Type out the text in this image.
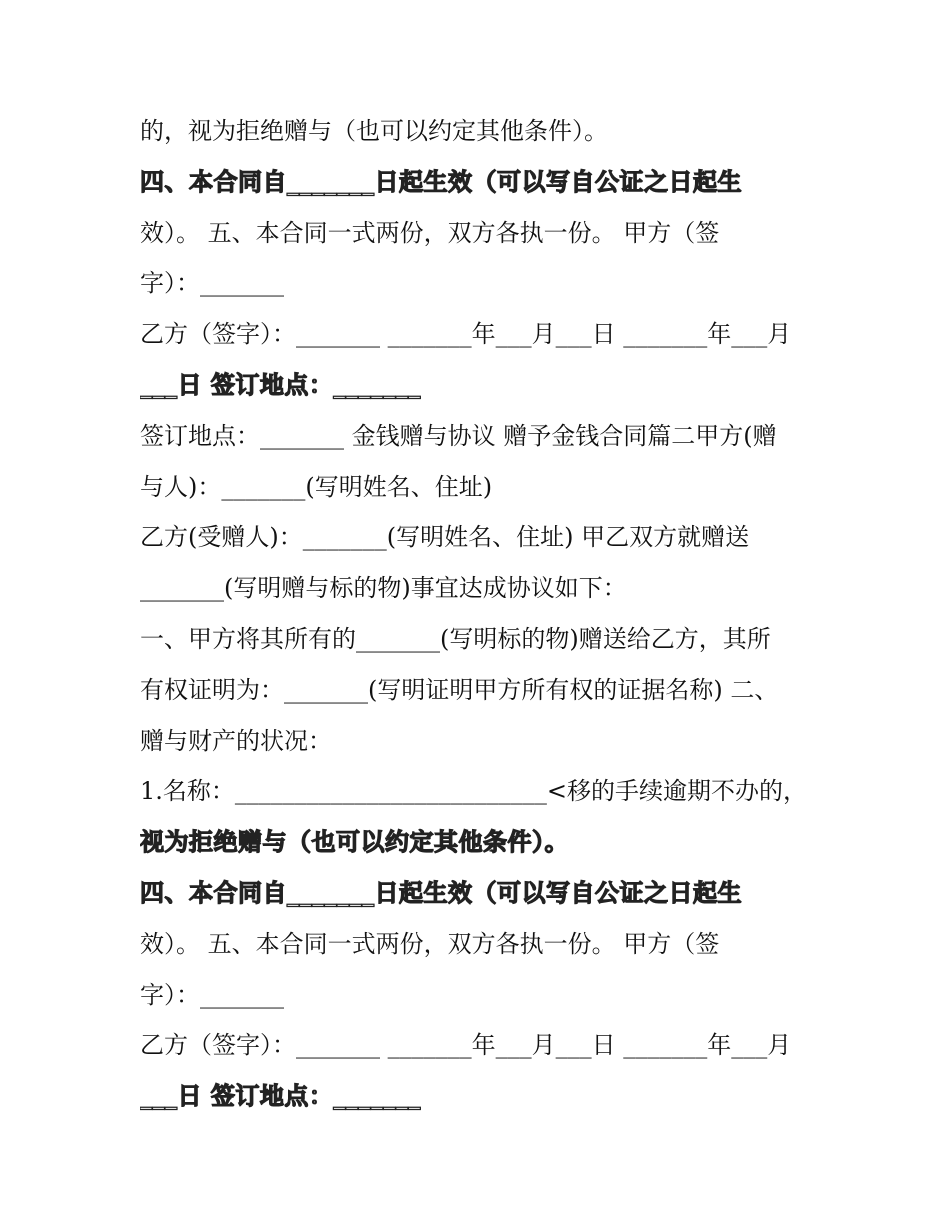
的，视为拒绝赠与（也可以约定其他条件）。
四、本合同自_______日起生效（可以写自公证之日起生
效）。 五、本合同一式两份，双方各执一份。 甲方（签
字）：_______
乙方（签字）：_______ _______年___月___日 _______年___月
___日 签订地点：_______
签订地点：_______ 金钱赠与协议 赠予金钱合同篇二甲方(赠
与人)：_______(写明姓名、住址)
乙方(受赠人)：_______(写明姓名、住址) 甲乙双方就赠送
_______(写明赠与标的物)事宜达成协议如下：
一、甲方将其所有的_______(写明标的物)赠送给乙方，其所
有权证明为：_______(写明证明甲方所有权的证据名称) 二、
赠与财产的状况：
1.名称：__________________________<移的手续逾期不办的，
视为拒绝赠与（也可以约定其他条件）。
四、本合同自_______日起生效（可以写自公证之日起生
效）。 五、本合同一式两份，双方各执一份。 甲方（签
字）：_______
乙方（签字）：_______ _______年___月___日 _______年___月
___日 签订地点：_______
